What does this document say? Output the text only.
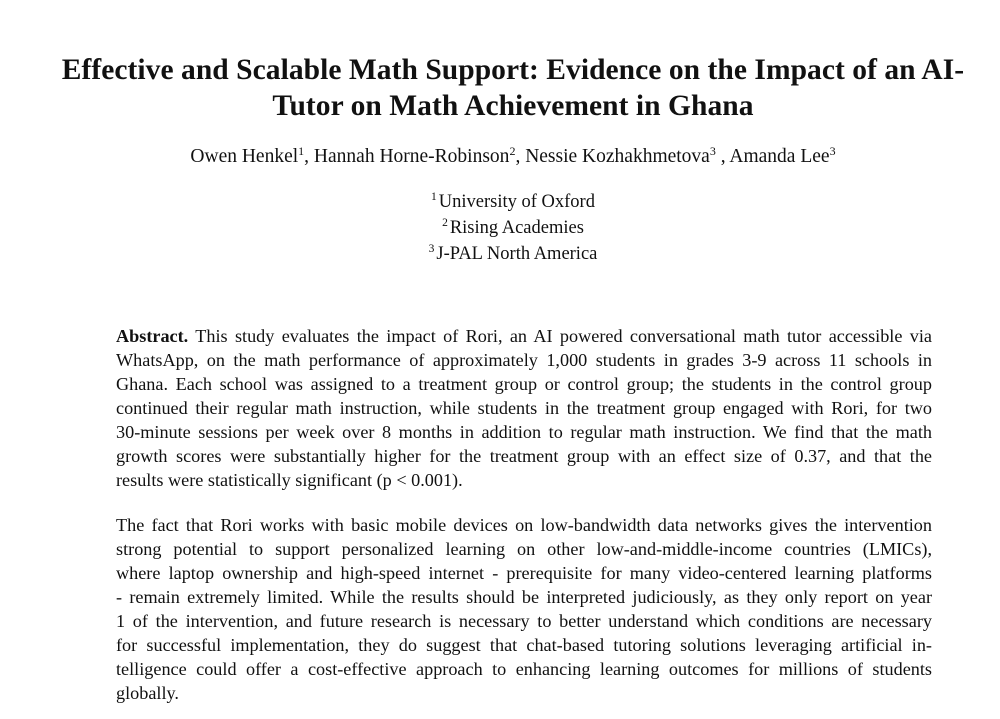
Effective and Scalable Math Support: Evidence on the Impact of an AI-
Tutor on Math Achievement in Ghana
Owen Henkel$^1$, Hannah Horne-Robinson$^2$, Nessie Kozhakhmetova$^3$ , Amanda Lee$^3$
$^1$ University of Oxford
$^2$ Rising Academies
$^3$ J-PAL North America
Abstract. This study evaluates the impact of Rori, an AI powered conversational math tutor accessible via
WhatsApp, on the math performance of approximately 1,000 students in grades 3-9 across 11 schools in
Ghana. Each school was assigned to a treatment group or control group; the students in the control group
continued their regular math instruction, while students in the treatment group engaged with Rori, for two
30-minute sessions per week over 8 months in addition to regular math instruction. We find that the math
growth scores were substantially higher for the treatment group with an effect size of 0.37, and that the
results were statistically significant (p < 0.001).
The fact that Rori works with basic mobile devices on low-bandwidth data networks gives the intervention
strong potential to support personalized learning on other low-and-middle-income countries (LMICs),
where laptop ownership and high-speed internet - prerequisite for many video-centered learning platforms
- remain extremely limited. While the results should be interpreted judiciously, as they only report on year
1 of the intervention, and future research is necessary to better understand which conditions are necessary
for successful implementation, they do suggest that chat-based tutoring solutions leveraging artificial in-
telligence could offer a cost-effective approach to enhancing learning outcomes for millions of students
globally.
